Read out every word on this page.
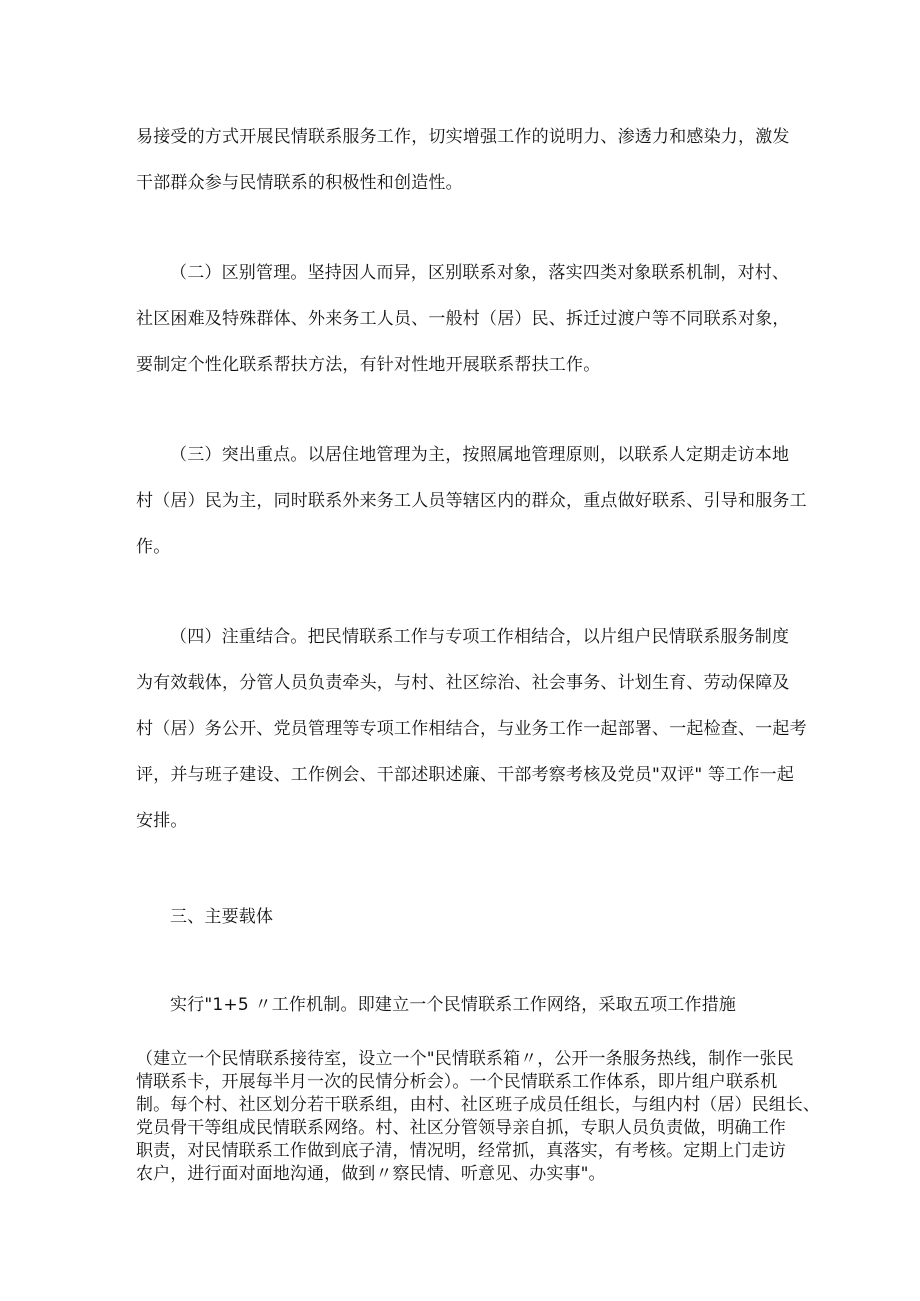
易接受的方式开展民情联系服务工作，切实增强工作的说明力、渗透力和感染力，激发
干部群众参与民情联系的积极性和创造性。
（二）区别管理。坚持因人而异，区别联系对象，落实四类对象联系机制，对村、
社区困难及特殊群体、外来务工人员、一般村（居）民、拆迁过渡户等不同联系对象，
要制定个性化联系帮扶方法，有针对性地开展联系帮扶工作。
（三）突出重点。以居住地管理为主，按照属地管理原则，以联系人定期走访本地
村（居）民为主，同时联系外来务工人员等辖区内的群众，重点做好联系、引导和服务工
作。
（四）注重结合。把民情联系工作与专项工作相结合，以片组户民情联系服务制度
为有效载体，分管人员负责牵头，与村、社区综治、社会事务、计划生育、劳动保障及
村（居）务公开、党员管理等专项工作相结合，与业务工作一起部署、一起检查、一起考
评，并与班子建设、工作例会、干部述职述廉、干部考察考核及党员"双评" 等工作一起
安排。
三、主要载体
实行"1+5 〃工作机制。即建立一个民情联系工作网络，采取五项工作措施
（建立一个民情联系接待室，设立一个"民情联系箱〃，公开一条服务热线，制作一张民
情联系卡，开展每半月一次的民情分析会）。一个民情联系工作体系，即片组户联系机
制。每个村、社区划分若干联系组，由村、社区班子成员任组长，与组内村（居）民组长、
党员骨干等组成民情联系网络。村、社区分管领导亲自抓，专职人员负责做，明确工作
职责，对民情联系工作做到底子清，情况明，经常抓，真落实，有考核。定期上门走访
农户，进行面对面地沟通，做到〃察民情、听意见、办实事"。
